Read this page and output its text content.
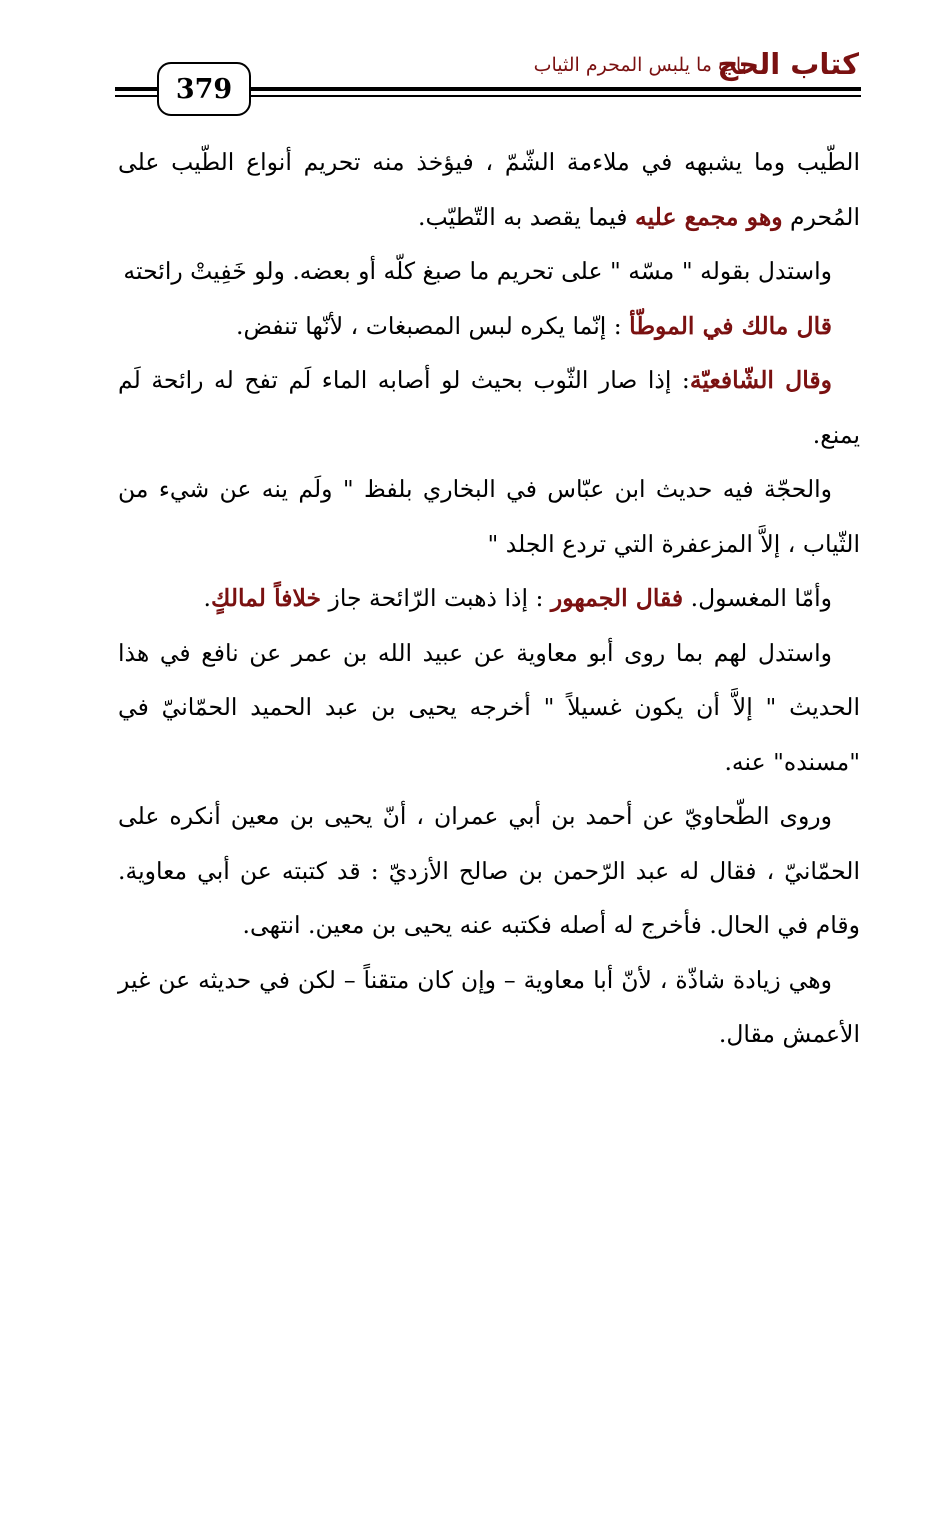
كتاب الحج
باب ما يلبس المحرم الثياب
379

الطّيب وما يشبهه في ملاءمة الشّمّ ، فيؤخذ منه تحريم أنواع الطّيب على المُحرم وهو مجمع عليه فيما يقصد به التّطيّب.

واستدل بقوله " مسّه " على تحريم ما صبغ كلّه أو بعضه. ولو خَفِيتْ رائحته

قال مالك في الموطّأ : إنّما يكره لبس المصبغات ، لأنّها تنفض.

وقال الشّافعيّة: إذا صار الثّوب بحيث لو أصابه الماء لَم تفح له رائحة لَم يمنع.

والحجّة فيه حديث ابن عبّاس في البخاري بلفظ " ولَم ينه عن شيء من الثّياب ، إلاَّ المزعفرة التي تردع الجلد "

وأمّا المغسول. فقال الجمهور : إذا ذهبت الرّائحة جاز خلافاً لمالكٍ.

واستدل لهم بما روى أبو معاوية عن عبيد الله بن عمر عن نافع في هذا الحديث " إلاَّ أن يكون غسيلاً " أخرجه يحيى بن عبد الحميد الحمّانيّ في "مسنده" عنه.

وروى الطّحاويّ عن أحمد بن أبي عمران ، أنّ يحيى بن معين أنكره على الحمّانيّ ، فقال له عبد الرّحمن بن صالح الأزديّ : قد كتبته عن أبي معاوية. وقام في الحال. فأخرج له أصله فكتبه عنه يحيى بن معين. انتهى.

وهي زيادة شاذّة ، لأنّ أبا معاوية – وإن كان متقناً – لكن في حديثه عن غير الأعمش مقال.
